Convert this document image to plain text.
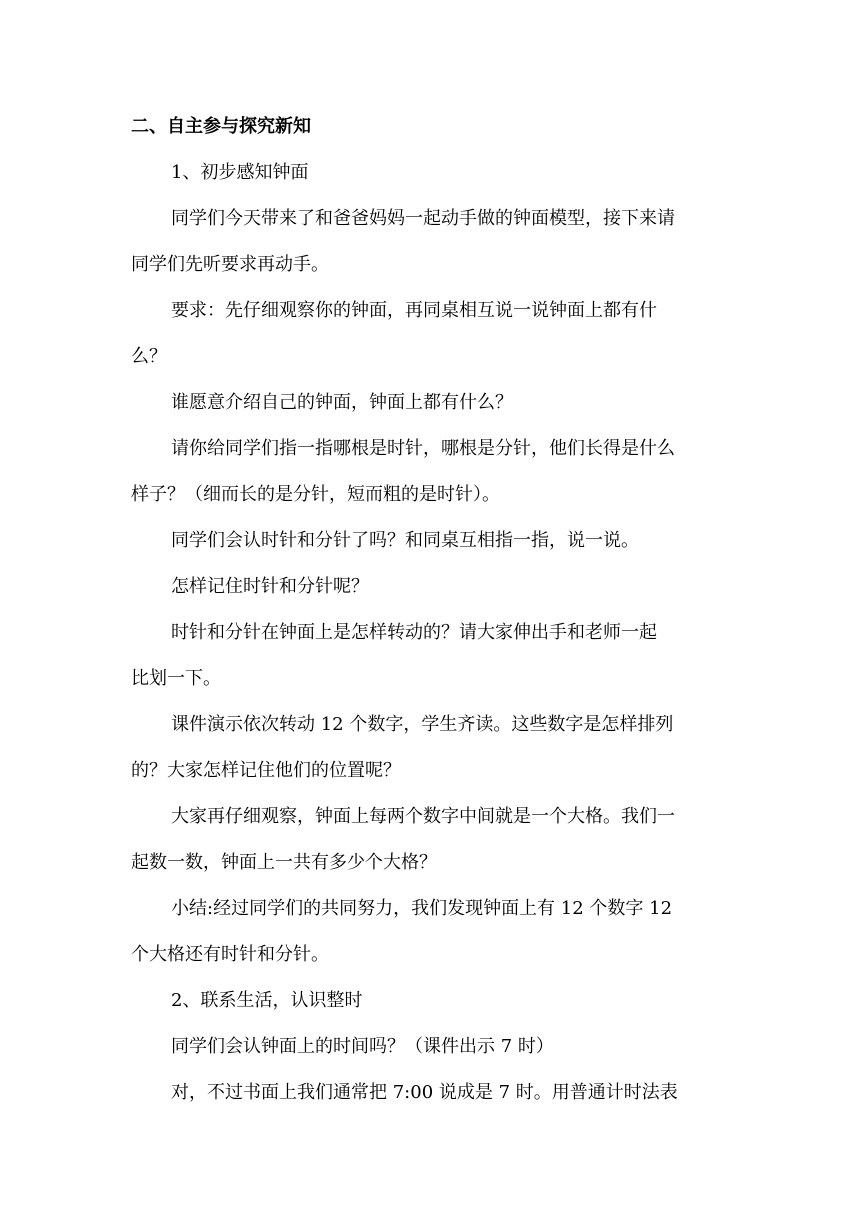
二、自主参与探究新知
1、初步感知钟面
同学们今天带来了和爸爸妈妈一起动手做的钟面模型，接下来请
同学们先听要求再动手。
要求：先仔细观察你的钟面，再同桌相互说一说钟面上都有什
么？
谁愿意介绍自己的钟面，钟面上都有什么？
请你给同学们指一指哪根是时针，哪根是分针，他们长得是什么
样子？（细而长的是分针，短而粗的是时针）。
同学们会认时针和分针了吗？和同桌互相指一指，说一说。
怎样记住时针和分针呢？
时针和分针在钟面上是怎样转动的？请大家伸出手和老师一起
比划一下。
课件演示依次转动 12 个数字，学生齐读。这些数字是怎样排列
的？大家怎样记住他们的位置呢？
大家再仔细观察，钟面上每两个数字中间就是一个大格。我们一
起数一数，钟面上一共有多少个大格？
小结:经过同学们的共同努力，我们发现钟面上有 12 个数字 12
个大格还有时针和分针。
2、联系生活，认识整时
同学们会认钟面上的时间吗？（课件出示 7 时）
对，不过书面上我们通常把 7:00 说成是 7 时。用普通计时法表
